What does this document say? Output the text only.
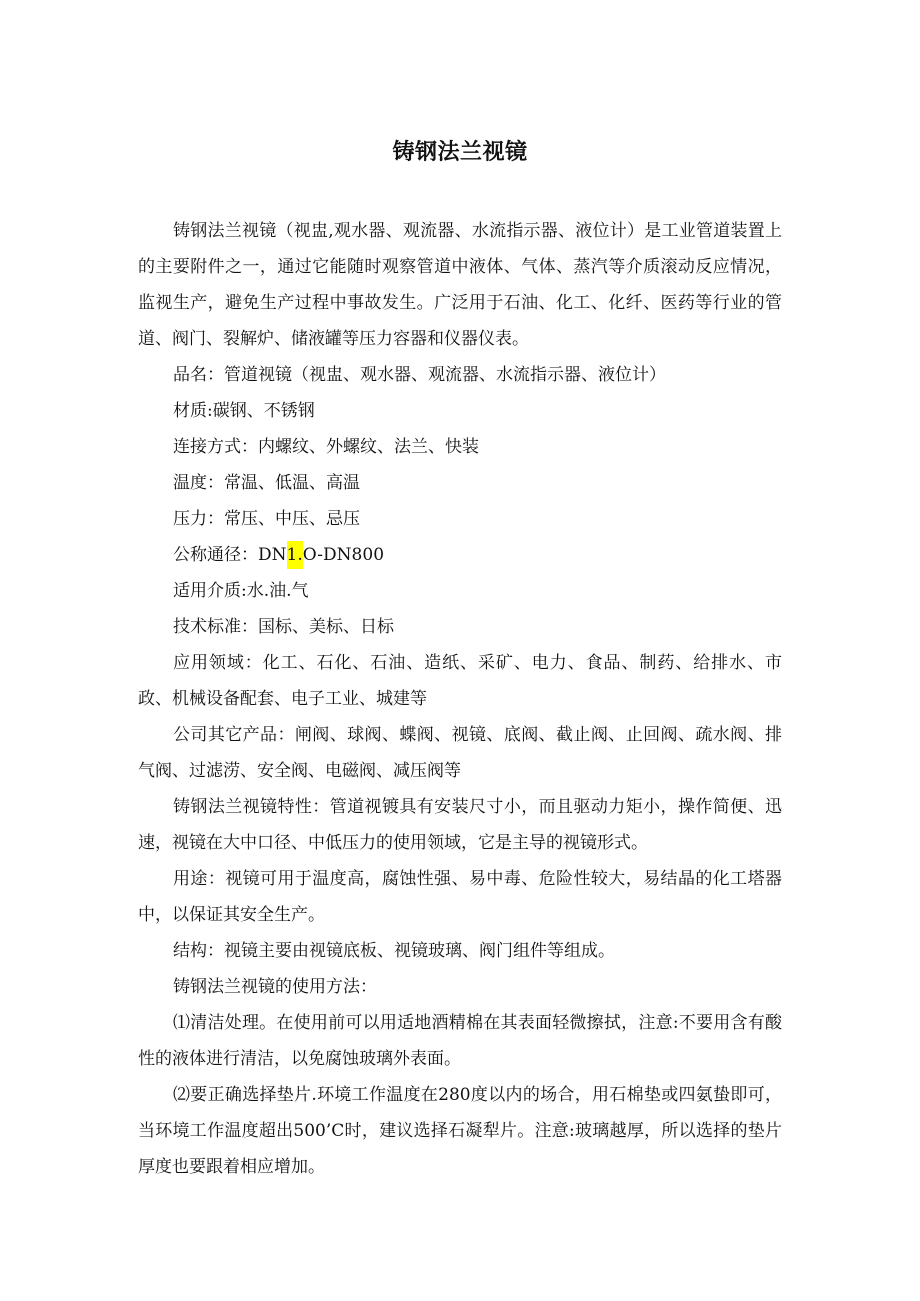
铸钢法兰视镜

铸钢法兰视镜（视盅,观水器、观流器、水流指示器、液位计）是工业管道装置上的主要附件之一，通过它能随时观察管道中液体、气体、蒸汽等介质滚动反应情况，监视生产，避免生产过程中事故发生。广泛用于石油、化工、化纤、医药等行业的管道、阀门、裂解炉、储液罐等压力容器和仪器仪表。

品名：管道视镜（视盅、观水器、观流器、水流指示器、液位计）

材质:碳钢、不锈钢

连接方式：内螺纹、外螺纹、法兰、快装

温度：常温、低温、高温

压力：常压、中压、忌压

公称通径：DN1.O-DN800

适用介质:水.油.气

技术标准：国标、美标、日标

应用领域：化工、石化、石油、造纸、采矿、电力、食品、制药、给排水、市政、机械设备配套、电子工业、城建等

公司其它产品：闸阀、球阀、蝶阀、视镜、底阀、截止阀、止回阀、疏水阀、排气阀、过滤涝、安全阀、电磁阀、减压阀等

铸钢法兰视镜特性：管道视镀具有安装尺寸小，而且驱动力矩小，操作简便、迅速，视镜在大中口径、中低压力的使用领域，它是主导的视镜形式。

用途：视镜可用于温度高，腐蚀性强、易中毒、危险性较大，易结晶的化工塔器中，以保证其安全生产。

结构：视镜主要由视镜底板、视镜玻璃、阀门组件等组成。

铸钢法兰视镜的使用方法：

⑴清洁处理。在使用前可以用适地酒精棉在其表面轻微擦拭，注意:不要用含有酸性的液体进行清洁，以免腐蚀玻璃外表面。

⑵要正确选择垫片.环境工作温度在280度以内的场合，用石棉垫或四氨蛰即可，当环境工作温度超出500’C时，建议选择石凝犁片。注意:玻璃越厚，所以选择的垫片厚度也要跟着相应增加。
